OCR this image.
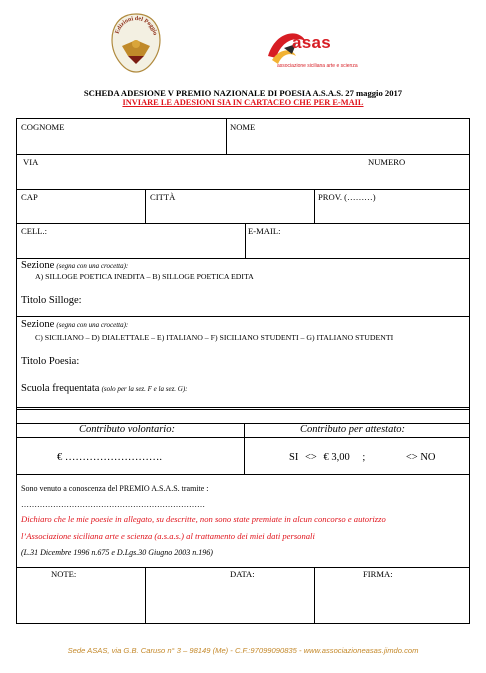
Edizioni del Poggio	asas
associazione siciliana arte e scienza
SCHEDA ADESIONE V PREMIO NAZIONALE DI POESIA A.S.A.S. 27 maggio 2017
INVIARE LE ADESIONI SIA IN CARTACEO CHE PER E-MAIL
COGNOME	NOME
VIA	NUMERO
CAP	CITTÀ	PROV. (………)
CELL.:	E-MAIL:
Sezione (segna con una crocetta):
A) SILLOGE POETICA INEDITA – B) SILLOGE POETICA EDITA
Titolo Silloge:
Sezione (segna con una crocetta):
C) SICILIANO – D) DIALETTALE – E) ITALIANO – F) SICILIANO STUDENTI – G) ITALIANO STUDENTI
Titolo Poesia:
Scuola frequentata (solo per la sez. F e la sez. G):
Contributo volontario:	Contributo per attestato:
€ ……………………….	SI <> € 3,00 ;	<> NO
Sono venuto a conoscenza del PREMIO A.S.A.S. tramite :
……………………………………………………………
Dichiaro che le mie poesie in allegato, su descritte, non sono state premiate in alcun concorso e autorizzo
l’Associazione siciliana arte e scienza (a.s.a.s.) al trattamento dei miei dati personali
(L.31 Dicembre 1996 n.675 e D.Lgs.30 Giugno 2003 n.196)
NOTE:	DATA:	FIRMA:
Sede ASAS, via G.B. Caruso n° 3 – 98149 (Me) - C.F.:97099090835 - www.associazioneasas.jimdo.com
